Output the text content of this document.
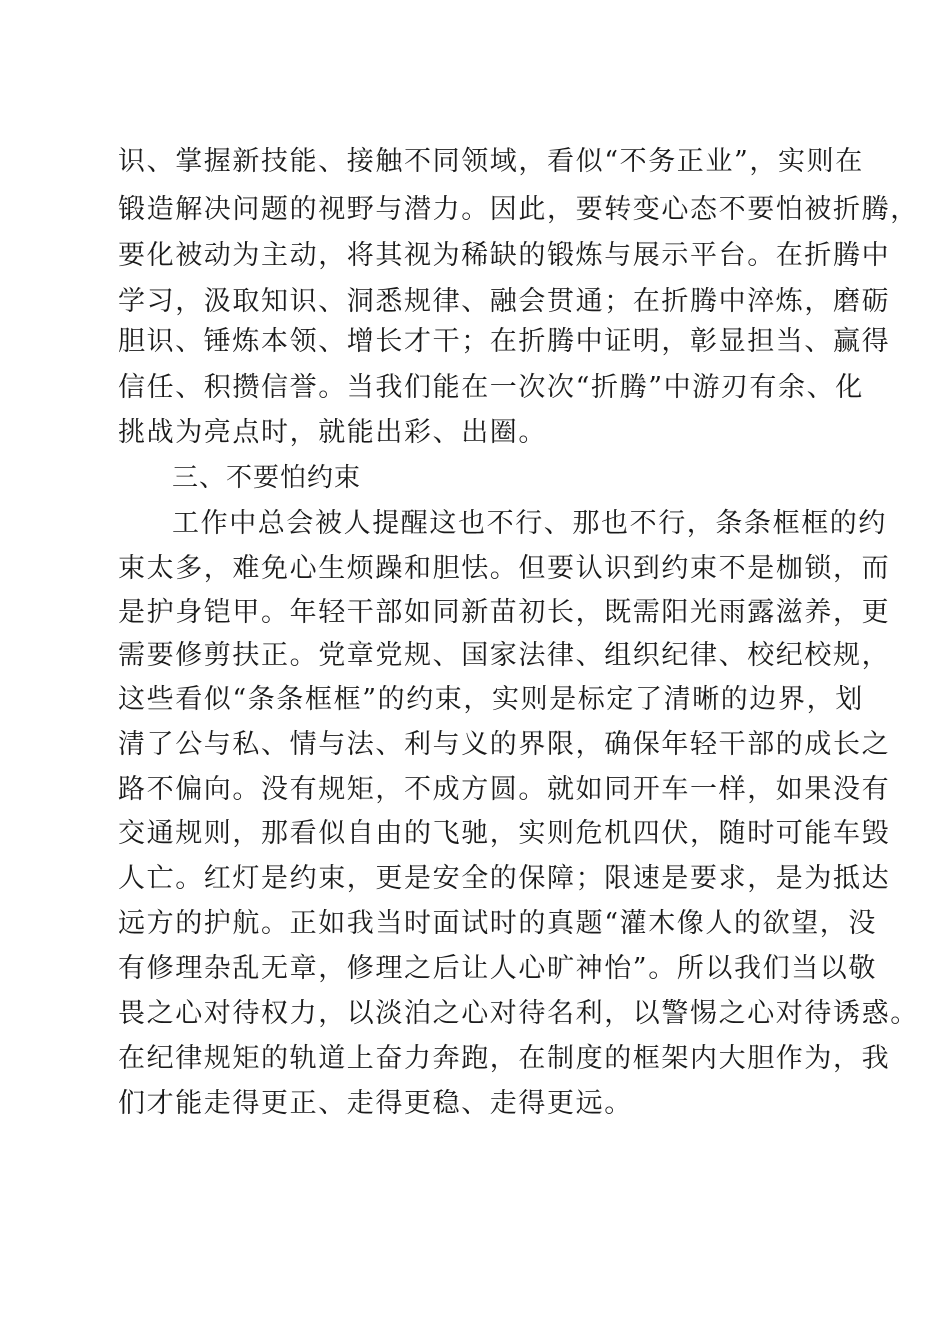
识、掌握新技能、接触不同领域，看似“不务正业”，实则在
锻造解决问题的视野与潜力。因此，要转变心态不要怕被折腾，
要化被动为主动，将其视为稀缺的锻炼与展示平台。在折腾中
学习，汲取知识、洞悉规律、融会贯通；在折腾中淬炼，磨砺
胆识、锤炼本领、增长才干；在折腾中证明，彰显担当、赢得
信任、积攒信誉。当我们能在一次次“折腾”中游刃有余、化
挑战为亮点时，就能出彩、出圈。
三、不要怕约束
工作中总会被人提醒这也不行、那也不行，条条框框的约
束太多，难免心生烦躁和胆怯。但要认识到约束不是枷锁，而
是护身铠甲。年轻干部如同新苗初长，既需阳光雨露滋养，更
需要修剪扶正。党章党规、国家法律、组织纪律、校纪校规，
这些看似“条条框框”的约束，实则是标定了清晰的边界，划
清了公与私、情与法、利与义的界限，确保年轻干部的成长之
路不偏向。没有规矩，不成方圆。就如同开车一样，如果没有
交通规则，那看似自由的飞驰，实则危机四伏，随时可能车毁
人亡。红灯是约束，更是安全的保障；限速是要求，是为抵达
远方的护航。正如我当时面试时的真题“灌木像人的欲望，没
有修理杂乱无章，修理之后让人心旷神怡”。所以我们当以敬
畏之心对待权力，以淡泊之心对待名利，以警惕之心对待诱惑。
在纪律规矩的轨道上奋力奔跑，在制度的框架内大胆作为，我
们才能走得更正、走得更稳、走得更远。
